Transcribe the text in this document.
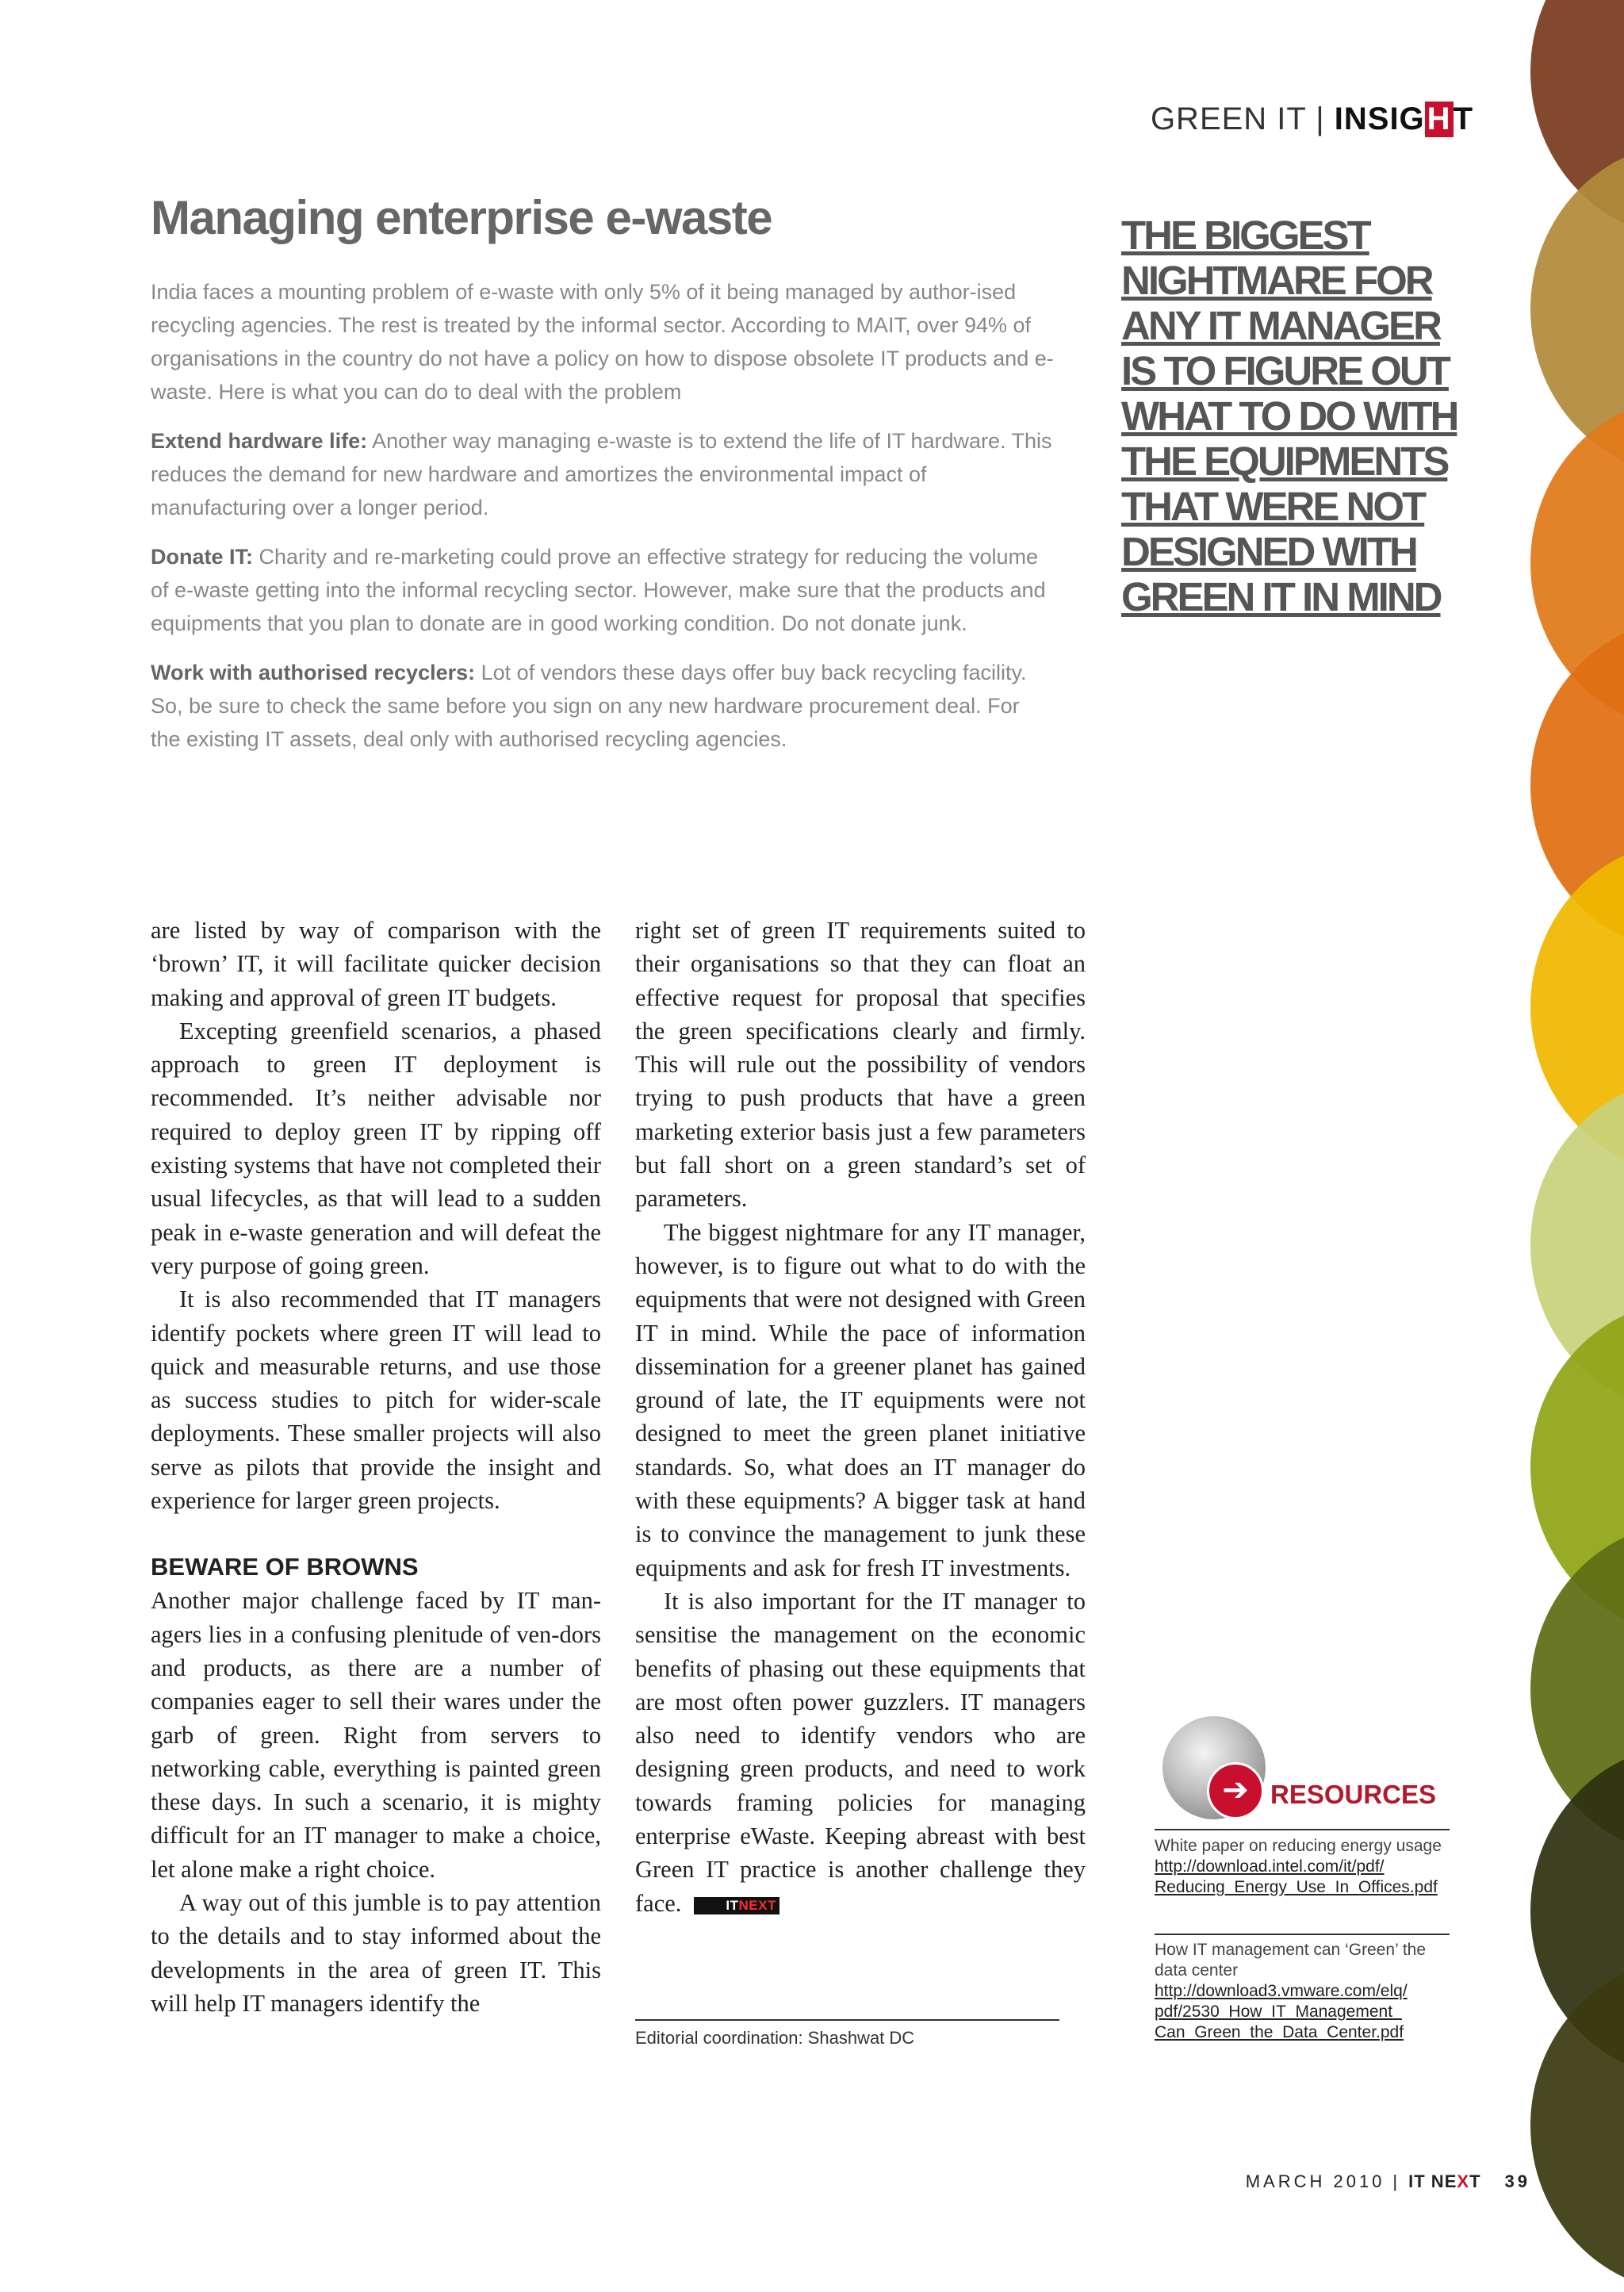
GREEN IT | INSIGHT
Managing enterprise e-waste

India faces a mounting problem of e-waste with only 5% of it being managed by author-ised recycling agencies. The rest is treated by the informal sector. According to MAIT, over 94% of organisations in the country do not have a policy on how to dispose obsolete IT products and e-waste. Here is what you can do to deal with the problem

Extend hardware life: Another way managing e-waste is to extend the life of IT hardware. This reduces the demand for new hardware and amortizes the environmental impact of manufacturing over a longer period.

Donate IT: Charity and re-marketing could prove an effective strategy for reducing the volume of e-waste getting into the informal recycling sector. However, make sure that the products and equipments that you plan to donate are in good working condition. Do not donate junk.

Work with authorised recyclers: Lot of vendors these days offer buy back recycling facility. So, be sure to check the same before you sign on any new hardware procurement deal. For the existing IT assets, deal only with authorised recycling agencies.

THE BIGGEST NIGHTMARE FOR ANY IT MANAGER IS TO FIGURE OUT WHAT TO DO WITH THE EQUIPMENTS THAT WERE NOT DESIGNED WITH GREEN IT IN MIND

are listed by way of comparison with the ‘brown’ IT, it will facilitate quicker decision making and approval of green IT budgets.

Excepting greenfield scenarios, a phased approach to green IT deployment is recommended. It’s neither advisable nor required to deploy green IT by ripping off existing systems that have not completed their usual lifecycles, as that will lead to a sudden peak in e-waste generation and will defeat the very purpose of going green.

It is also recommended that IT managers identify pockets where green IT will lead to quick and measurable returns, and use those as success studies to pitch for wider-scale deployments. These smaller projects will also serve as pilots that provide the insight and experience for larger green projects.

BEWARE OF BROWNS

Another major challenge faced by IT man-agers lies in a confusing plenitude of ven-dors and products, as there are a number of companies eager to sell their wares under the garb of green. Right from servers to networking cable, everything is painted green these days. In such a scenario, it is mighty difficult for an IT manager to make a choice, let alone make a right choice.

A way out of this jumble is to pay attention to the details and to stay informed about the developments in the area of green IT. This will help IT managers identify the

right set of green IT requirements suited to their organisations so that they can float an effective request for proposal that specifies the green specifications clearly and firmly. This will rule out the possibility of vendors trying to push products that have a green marketing exterior basis just a few parameters but fall short on a green standard’s set of parameters.

The biggest nightmare for any IT manager, however, is to figure out what to do with the equipments that were not designed with Green IT in mind. While the pace of information dissemination for a greener planet has gained ground of late, the IT equipments were not designed to meet the green planet initiative standards. So, what does an IT manager do with these equipments? A bigger task at hand is to convince the management to junk these equipments and ask for fresh IT investments.

It is also important for the IT manager to sensitise the management on the economic benefits of phasing out these equipments that are most often power guzzlers. IT managers also need to identify vendors who are designing green products, and need to work towards framing policies for managing enterprise eWaste. Keeping abreast with best Green IT practice is another challenge they face.	ITNEXT

Editorial coordination: Shashwat DC
➔ RESOURCES
White paper on reducing energy usage
http://download.intel.com/it/pdf/ Reducing_Energy_Use_In_Offices.pdf
How IT management can ‘Green’ the data center
http://download3.vmware.com/elq/ pdf/2530_How_IT_Management_ Can_Green_the_Data_Center.pdf
MARCH 2010 | IT NEXT 39
